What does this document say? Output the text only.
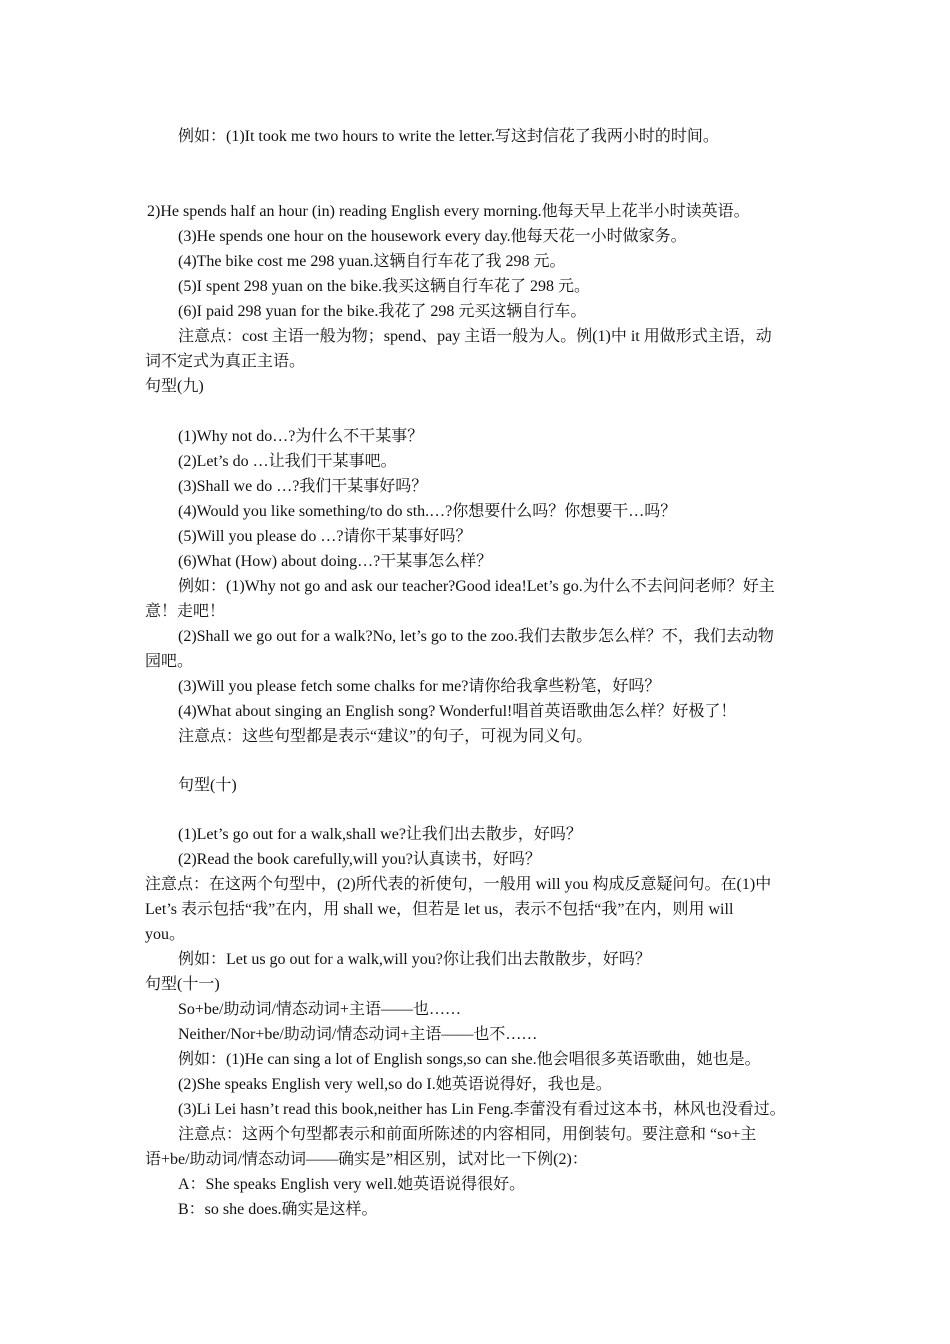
例如：(1)It took me two hours to write the letter.写这封信花了我两小时的时间。
2)He spends half an hour (in) reading English every morning.他每天早上花半小时读英语。
(3)He spends one hour on the housework every day.他每天花一小时做家务。
(4)The bike cost me 298 yuan.这辆自行车花了我 298 元。
(5)I spent 298 yuan on the bike.我买这辆自行车花了 298 元。
(6)I paid 298 yuan for the bike.我花了 298 元买这辆自行车。
注意点：cost 主语一般为物；spend、pay 主语一般为人。例(1)中 it 用做形式主语，动
词不定式为真正主语。
句型(九)
(1)Why not do…?为什么不干某事？
(2)Let’s do …让我们干某事吧。
(3)Shall we do …?我们干某事好吗？
(4)Would you like something/to do sth.…?你想要什么吗？你想要干…吗？
(5)Will you please do …?请你干某事好吗？
(6)What (How) about doing…?干某事怎么样？
例如：(1)Why not go and ask our teacher?Good idea!Let’s go.为什么不去问问老师？好主
意！走吧！
(2)Shall we go out for a walk?No, let’s go to the zoo.我们去散步怎么样？不，我们去动物
园吧。
(3)Will you please fetch some chalks for me?请你给我拿些粉笔，好吗？
(4)What about singing an English song? Wonderful!唱首英语歌曲怎么样？好极了！
注意点：这些句型都是表示“建议”的句子，可视为同义句。
句型(十)
(1)Let’s go out for a walk,shall we?让我们出去散步，好吗？
(2)Read the book carefully,will you?认真读书，好吗？
注意点：在这两个句型中，(2)所代表的祈使句，一般用 will you 构成反意疑问句。在(1)中
Let’s 表示包括“我”在内，用 shall we，但若是 let us，表示不包括“我”在内，则用 will
you。
例如：Let us go out for a walk,will you?你让我们出去散散步，好吗？
句型(十一)
So+be/助动词/情态动词+主语——也……
Neither/Nor+be/助动词/情态动词+主语——也不……
例如：(1)He can sing a lot of English songs,so can she.他会唱很多英语歌曲，她也是。
(2)She speaks English very well,so do I.她英语说得好，我也是。
(3)Li Lei hasn’t read this book,neither has Lin Feng.李蕾没有看过这本书，林风也没看过。
注意点：这两个句型都表示和前面所陈述的内容相同，用倒装句。要注意和 “so+主
语+be/助动词/情态动词——确实是”相区别，试对比一下例(2)：
A：She speaks English very well.她英语说得很好。
B：so she does.确实是这样。
